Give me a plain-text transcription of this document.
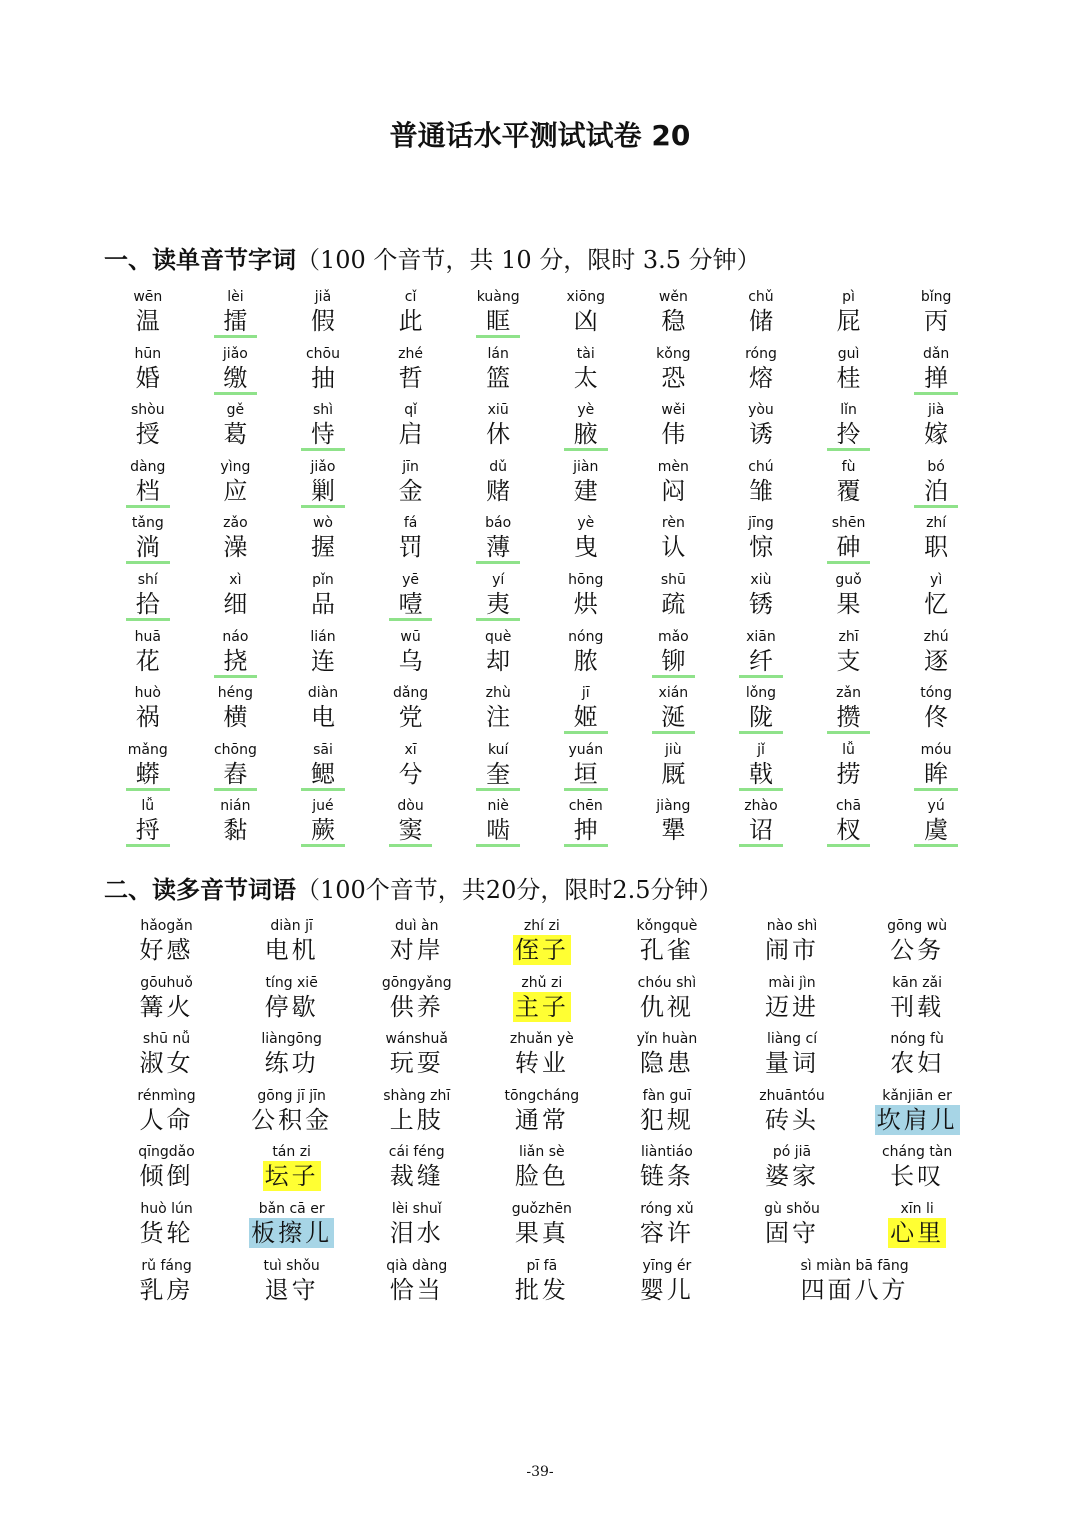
普通话水平测试试卷 20
一、读单音节字词（100 个音节，共 10 分，限时 3.5 分钟）
wēn
温
lèi
擂
jiǎ
假
cǐ
此
kuàng
眶
xiōng
凶
wěn
稳
chǔ
储
pì
屁
bǐng
丙
hūn
婚
jiǎo
缴
chōu
抽
zhé
哲
lán
篮
tài
太
kǒng
恐
róng
熔
guì
桂
dǎn
掸
shòu
授
gě
葛
shì
恃
qǐ
启
xiū
休
yè
腋
wěi
伟
yòu
诱
lǐn
拎
jià
嫁
dàng
档
yìng
应
jiǎo
剿
jīn
金
dǔ
赌
jiàn
建
mèn
闷
chú
雏
fù
覆
bó
泊
tǎng
淌
zǎo
澡
wò
握
fá
罚
báo
薄
yè
曳
rèn
认
jīng
惊
shēn
砷
zhí
职
shí
拾
xì
细
pǐn
品
yē
噎
yí
夷
hōng
烘
shū
疏
xiù
锈
guǒ
果
yì
忆
huā
花
náo
挠
lián
连
wū
乌
què
却
nóng
脓
mǎo
铆
xiān
纤
zhī
支
zhú
逐
huò
祸
héng
横
diàn
电
dǎng
党
zhù
注
jī
姬
xián
涎
lǒng
陇
zǎn
攒
tóng
佟
mǎng
蟒
chōng
舂
sāi
鳃
xī
兮
kuí
奎
yuán
垣
jiù
厩
jǐ
戟
lǚ
捞
móu
眸
lǚ
捋
nián
黏
jué
蕨
dòu
窦
niè
啮
chēn
抻
jiàng
犟
zhào
诏
chā
杈
yú
虞
二、读多音节词语（100个音节，共20分，限时2.5分钟）
hǎogǎn
好感
diàn jī
电机
duì àn
对岸
zhí zi
侄子
kǒngquè
孔雀
nào shì
闹市
gōng wù
公务
gōuhuǒ
篝火
tíng xiē
停歇
gōngyǎng
供养
zhǔ zi
主子
chóu shì
仇视
mài jìn
迈进
kān zǎi
刊载
shū nǚ
淑女
liàngōng
练功
wánshuǎ
玩耍
zhuǎn yè
转业
yǐn huàn
隐患
liàng cí
量词
nóng fù
农妇
rénmìng
人命
gōng jī jīn
公积金
shàng zhī
上肢
tōngcháng
通常
fàn guī
犯规
zhuāntóu
砖头
kǎnjiān er
坎肩儿
qīngdǎo
倾倒
tán zi
坛子
cái féng
裁缝
liǎn sè
脸色
liàntiáo
链条
pó jiā
婆家
cháng tàn
长叹
huò lún
货轮
bǎn cā er
板擦儿
lèi shuǐ
泪水
guǒzhēn
果真
róng xǔ
容许
gù shǒu
固守
xīn li
心里
rǔ fáng
乳房
tuì shǒu
退守
qià dàng
恰当
pī fā
批发
yīng ér
婴儿
sì miàn bā fāng
四面八方
-39-
